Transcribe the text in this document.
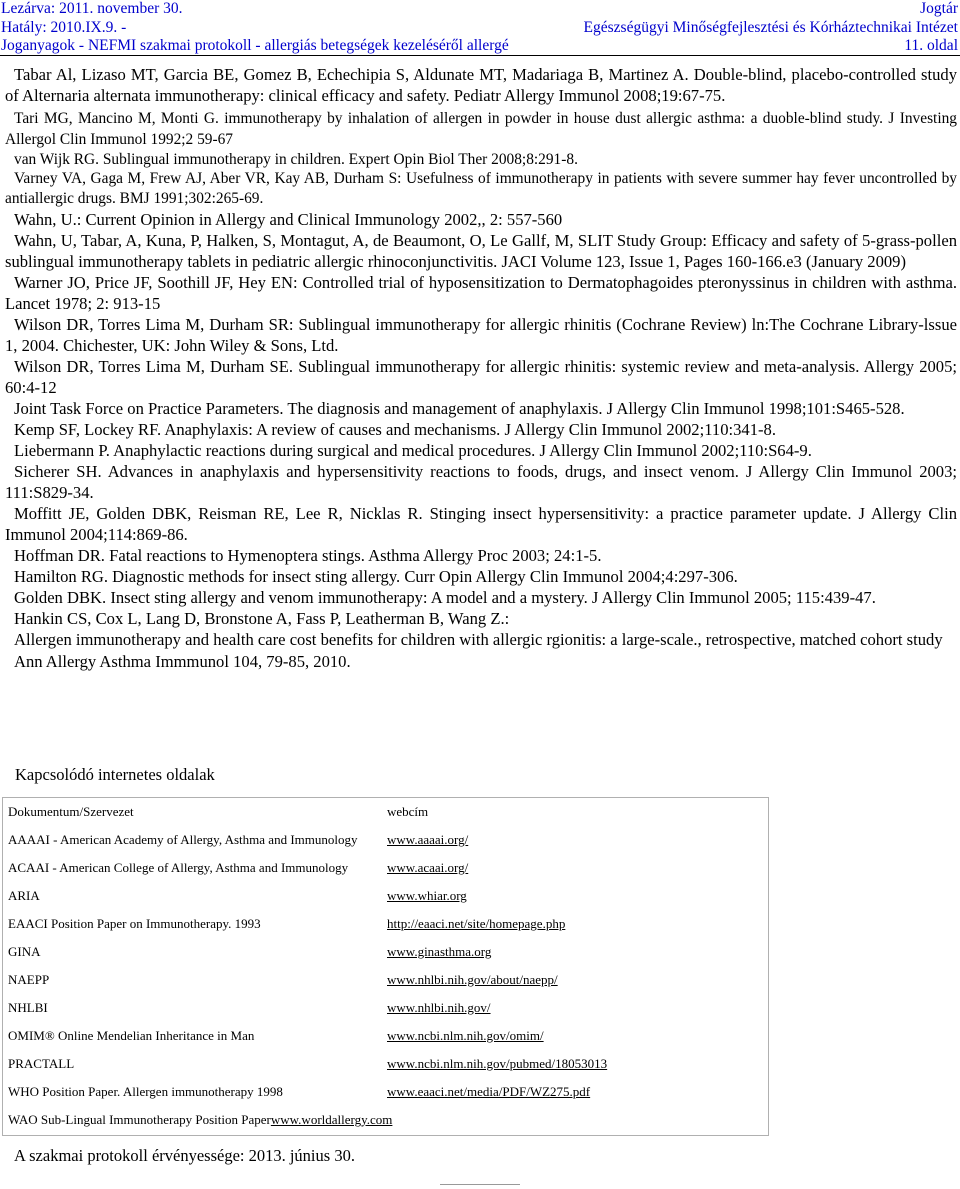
Lezárva: 2011. november 30.
Hatály: 2010.IX.9. -
Joganyagok - NEFMI szakmai protokoll - allergiás betegségek kezeléséről allergé
Jogtár
Egészségügyi Minőségfejlesztési és Kórháztechnikai Intézet
11. oldal

Tabar Al, Lizaso MT, Garcia BE, Gomez B, Echechipia S, Aldunate MT, Madariaga B, Martinez A. Double-blind, placebo-controlled study of Alternaria alternata immunotherapy: clinical efficacy and safety. Pediatr Allergy Immunol 2008;19:67-75.

Tari MG, Mancino M, Monti G. immunotherapy by inhalation of allergen in powder in house dust allergic asthma: a duoble-blind study. J Investing Allergol Clin Immunol 1992;2 59-67

van Wijk RG. Sublingual immunotherapy in children. Expert Opin Biol Ther 2008;8:291-8.

Varney VA, Gaga M, Frew AJ, Aber VR, Kay AB, Durham S: Usefulness of immunotherapy in patients with severe summer hay fever uncontrolled by antiallergic drugs. BMJ 1991;302:265-69.

Wahn, U.: Current Opinion in Allergy and Clinical Immunology 2002,, 2: 557-560

Wahn, U, Tabar, A, Kuna, P, Halken, S, Montagut, A, de Beaumont, O, Le Gallf, M, SLIT Study Group: Efficacy and safety of 5-grass-pollen sublingual immunotherapy tablets in pediatric allergic rhinoconjunctivitis. JACI Volume 123, Issue 1, Pages 160-166.e3 (January 2009)

Warner JO, Price JF, Soothill JF, Hey EN: Controlled trial of hyposensitization to Dermatophagoides pteronyssinus in children with asthma. Lancet 1978; 2: 913-15

Wilson DR, Torres Lima M, Durham SR: Sublingual immunotherapy for allergic rhinitis (Cochrane Review) ln:The Cochrane Library-lssue 1, 2004. Chichester, UK: John Wiley & Sons, Ltd.

Wilson DR, Torres Lima M, Durham SE. Sublingual immunotherapy for allergic rhinitis: systemic review and meta-analysis. Allergy 2005; 60:4-12

Joint Task Force on Practice Parameters. The diagnosis and management of anaphylaxis. J Allergy Clin Immunol 1998;101:S465-528.

Kemp SF, Lockey RF. Anaphylaxis: A review of causes and mechanisms. J Allergy Clin Immunol 2002;110:341-8.

Liebermann P. Anaphylactic reactions during surgical and medical procedures. J Allergy Clin Immunol 2002;110:S64-9.

Sicherer SH. Advances in anaphylaxis and hypersensitivity reactions to foods, drugs, and insect venom. J Allergy Clin Immunol 2003; 111:S829-34.

Moffitt JE, Golden DBK, Reisman RE, Lee R, Nicklas R. Stinging insect hypersensitivity: a practice parameter update. J Allergy Clin Immunol 2004;114:869-86.

Hoffman DR. Fatal reactions to Hymenoptera stings. Asthma Allergy Proc 2003; 24:1-5.

Hamilton RG. Diagnostic methods for insect sting allergy. Curr Opin Allergy Clin Immunol 2004;4:297-306.

Golden DBK. Insect sting allergy and venom immunotherapy: A model and a mystery. J Allergy Clin Immunol 2005; 115:439-47.

Hankin CS, Cox L, Lang D, Bronstone A, Fass P, Leatherman B, Wang Z.:

Allergen immunotherapy and health care cost benefits for children with allergic rgionitis: a large-scale., retrospective, matched cohort study

Ann Allergy Asthma Immmunol 104, 79-85, 2010.

Kapcsolódó internetes oldalak
Dokumentum/Szervezet	webcím
AAAAI - American Academy of Allergy, Asthma and Immunology	www.aaaai.org/
ACAAI - American College of Allergy, Asthma and Immunology	www.acaai.org/
ARIA	www.whiar.org
EAACI Position Paper on Immunotherapy. 1993	http://eaaci.net/site/homepage.php
GINA	www.ginasthma.org
NAEPP	www.nhlbi.nih.gov/about/naepp/
NHLBI	www.nhlbi.nih.gov/
OMIM® Online Mendelian Inheritance in Man	www.ncbi.nlm.nih.gov/omim/
PRACTALL	www.ncbi.nlm.nih.gov/pubmed/18053013
WHO Position Paper. Allergen immunotherapy 1998	www.eaaci.net/media/PDF/WZ275.pdf
WAO Sub-Lingual Immunotherapy Position Paper www.worldallergy.com

A szakmai protokoll érvényessége: 2013. június 30.
